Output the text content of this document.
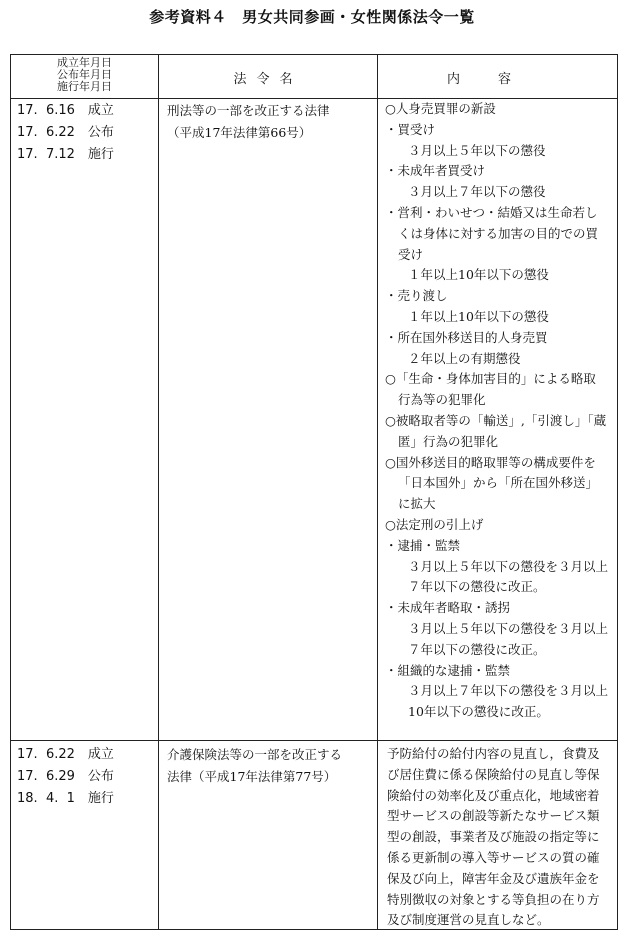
参考資料４　男女共同参画・女性関係法令一覧
成立年月日
公布年月日
施行年月日	法令名	内容
17.  6.16　成立
17.  6.22　公布
17.  7.12　施行
刑法等の一部を改正する法律
（平成17年法律第66号）
○人身売買罪の新設
・買受け
３月以上５年以下の懲役
・未成年者買受け
３月以上７年以下の懲役
・営利・わいせつ・結婚又は生命若し
くは身体に対する加害の目的での買
受け
１年以上10年以下の懲役
・売り渡し
１年以上10年以下の懲役
・所在国外移送目的人身売買
２年以上の有期懲役
○「生命・身体加害目的」による略取
行為等の犯罪化
○被略取者等の「輸送」,「引渡し」「蔵
匿」行為の犯罪化
○国外移送目的略取罪等の構成要件を
「日本国外」から「所在国外移送」
に拡大
○法定刑の引上げ
・逮捕・監禁
３月以上５年以下の懲役を３月以上
７年以下の懲役に改正。
・未成年者略取・誘拐
３月以上５年以下の懲役を３月以上
７年以下の懲役に改正。
・組織的な逮捕・監禁
３月以上７年以下の懲役を３月以上
10年以下の懲役に改正。
17.  6.22　成立
17.  6.29　公布
18.  4.  1　施行
介護保険法等の一部を改正する
法律（平成17年法律第77号）
予防給付の給付内容の見直し，食費及
び居住費に係る保険給付の見直し等保
険給付の効率化及び重点化，地域密着
型サービスの創設等新たなサービス類
型の創設，事業者及び施設の指定等に
係る更新制の導入等サービスの質の確
保及び向上，障害年金及び遺族年金を
特別徴収の対象とする等負担の在り方
及び制度運営の見直しなど。
